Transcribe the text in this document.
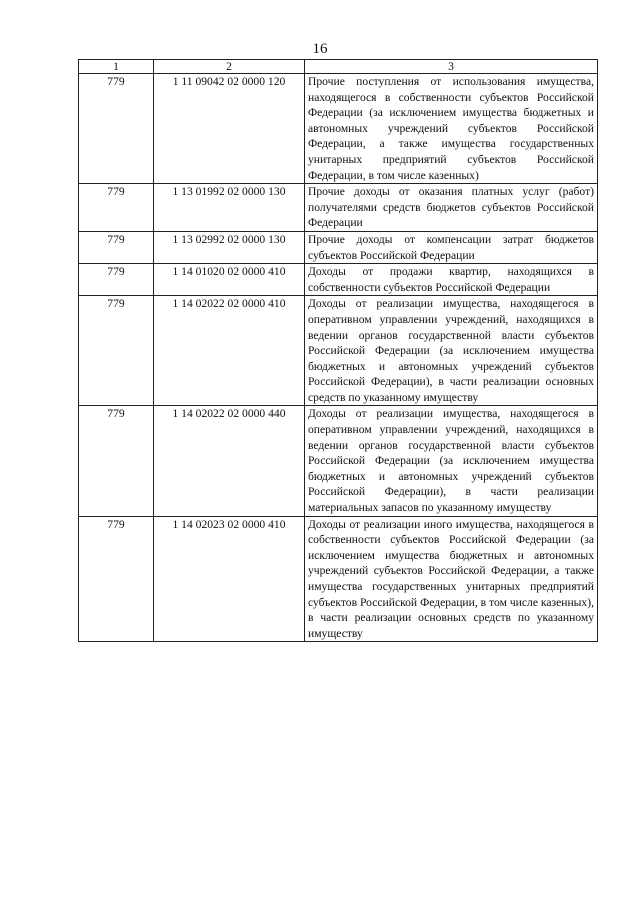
16
1	2	3
779	1 11 09042 02 0000 120	Прочие поступления от использования имущества, находящегося в собственности субъектов Российской Федерации (за исключением имущества бюджетных и автономных учреждений субъектов Российской Федерации, а также имущества государственных унитарных предприятий субъектов Российской Федерации, в том числе казенных)
779	1 13 01992 02 0000 130	Прочие доходы от оказания платных услуг (работ) получателями средств бюджетов субъектов Российской Федерации
779	1 13 02992 02 0000 130	Прочие доходы от компенсации затрат бюджетов субъектов Российской Федерации
779	1 14 01020 02 0000 410	Доходы от продажи квартир, находящихся в собственности субъектов Российской Федерации
779	1 14 02022 02 0000 410	Доходы от реализации имущества, находящегося в оперативном управлении учреждений, находящихся в ведении органов государственной власти субъектов Российской Федерации (за исключением имущества бюджетных и автономных учреждений субъектов Российской Федерации), в части реализации основных средств по указанному имуществу
779	1 14 02022 02 0000 440	Доходы от реализации имущества, находящегося в оперативном управлении учреждений, находящихся в ведении органов государственной власти субъектов Российской Федерации (за исключением имущества бюджетных и автономных учреждений субъектов Российской Федерации), в части реализации материальных запасов по указанному имуществу
779	1 14 02023 02 0000 410	Доходы от реализации иного имущества, находящегося в собственности субъектов Российской Федерации (за исключением имущества бюджетных и автономных учреждений субъектов Российской Федерации, а также имущества государственных унитарных предприятий субъектов Российской Федерации, в том числе казенных), в части реализации основных средств по указанному имуществу
